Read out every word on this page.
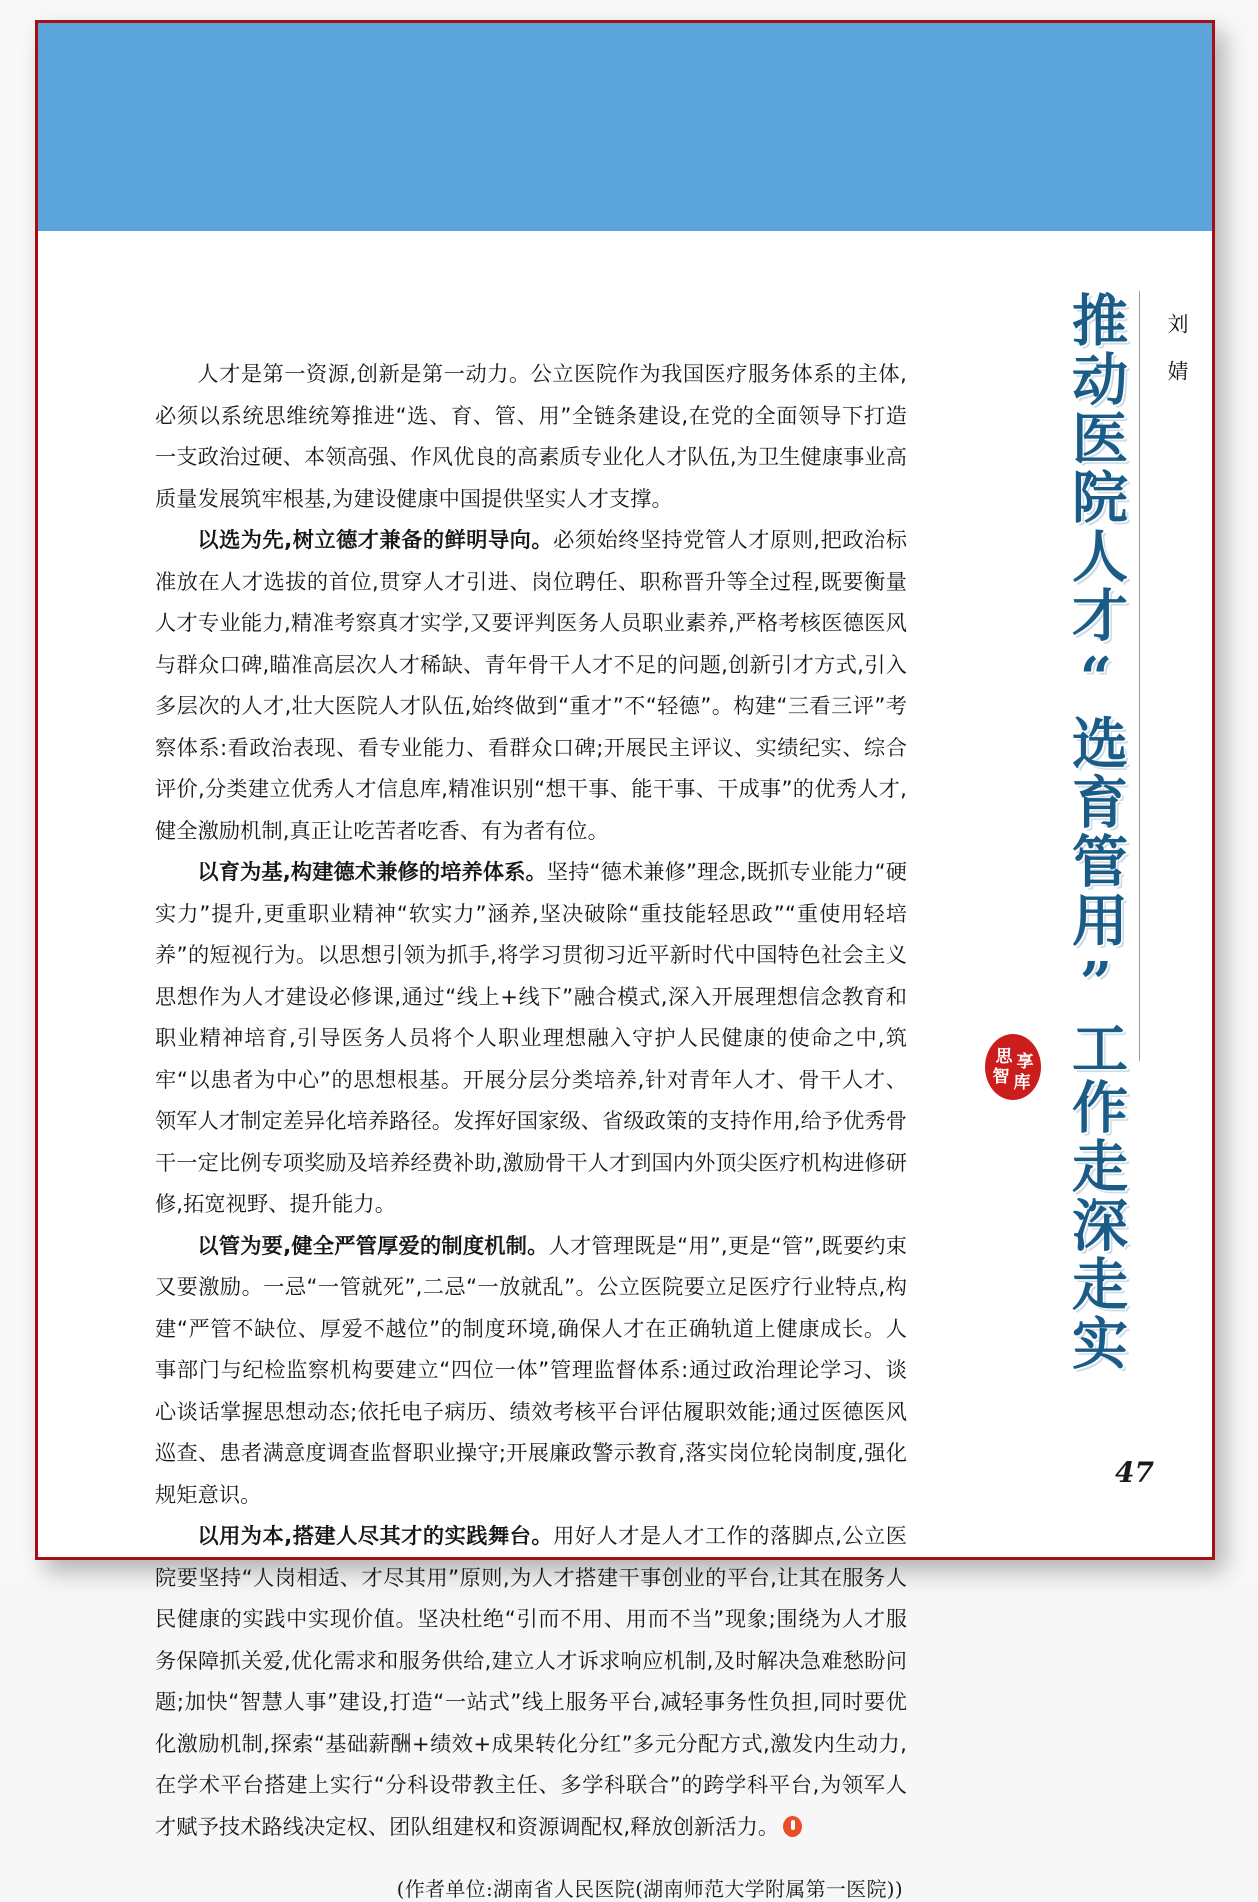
推动医院人才“选育管用”工作走深走实 刘婧
思 享
智 库

人才是第一资源,创新是第一动力。公立医院作为我国医疗服务体系的主体,必须以系统思维统筹推进“选、育、管、用”全链条建设,在党的全面领导下打造一支政治过硬、本领高强、作风优良的高素质专业化人才队伍,为卫生健康事业高质量发展筑牢根基,为建设健康中国提供坚实人才支撑。

以选为先,树立德才兼备的鲜明导向。必须始终坚持党管人才原则,把政治标准放在人才选拔的首位,贯穿人才引进、岗位聘任、职称晋升等全过程,既要衡量人才专业能力,精准考察真才实学,又要评判医务人员职业素养,严格考核医德医风与群众口碑,瞄准高层次人才稀缺、青年骨干人才不足的问题,创新引才方式,引入多层次的人才,壮大医院人才队伍,始终做到“重才”不“轻德”。构建“三看三评”考察体系:看政治表现、看专业能力、看群众口碑;开展民主评议、实绩纪实、综合评价,分类建立优秀人才信息库,精准识别“想干事、能干事、干成事”的优秀人才,健全激励机制,真正让吃苦者吃香、有为者有位。

以育为基,构建德术兼修的培养体系。坚持“德术兼修”理念,既抓专业能力“硬实力”提升,更重职业精神“软实力”涵养,坚决破除“重技能轻思政”“重使用轻培养”的短视行为。以思想引领为抓手,将学习贯彻习近平新时代中国特色社会主义思想作为人才建设必修课,通过“线上+线下”融合模式,深入开展理想信念教育和职业精神培育,引导医务人员将个人职业理想融入守护人民健康的使命之中,筑牢“以患者为中心”的思想根基。开展分层分类培养,针对青年人才、骨干人才、领军人才制定差异化培养路径。发挥好国家级、省级政策的支持作用,给予优秀骨干一定比例专项奖励及培养经费补助,激励骨干人才到国内外顶尖医疗机构进修研修,拓宽视野、提升能力。

以管为要,健全严管厚爱的制度机制。人才管理既是“用”,更是“管”,既要约束又要激励。一忌“一管就死”,二忌“一放就乱”。公立医院要立足医疗行业特点,构建“严管不缺位、厚爱不越位”的制度环境,确保人才在正确轨道上健康成长。人事部门与纪检监察机构要建立“四位一体”管理监督体系:通过政治理论学习、谈心谈话掌握思想动态;依托电子病历、绩效考核平台评估履职效能;通过医德医风巡查、患者满意度调查监督职业操守;开展廉政警示教育,落实岗位轮岗制度,强化规矩意识。

以用为本,搭建人尽其才的实践舞台。用好人才是人才工作的落脚点,公立医院要坚持“人岗相适、才尽其用”原则,为人才搭建干事创业的平台,让其在服务人民健康的实践中实现价值。坚决杜绝“引而不用、用而不当”现象;围绕为人才服务保障抓关爱,优化需求和服务供给,建立人才诉求响应机制,及时解决急难愁盼问题;加快“智慧人事”建设,打造“一站式”线上服务平台,减轻事务性负担,同时要优化激励机制,探索“基础薪酬+绩效+成果转化分红”多元分配方式,激发内生动力,在学术平台搭建上实行“分科设带教主任、多学科联合”的跨学科平台,为领军人才赋予技术路线决定权、团队组建权和资源调配权,释放创新活力。

(作者单位:湖南省人民医院(湖南师范大学附属第一医院))
47
